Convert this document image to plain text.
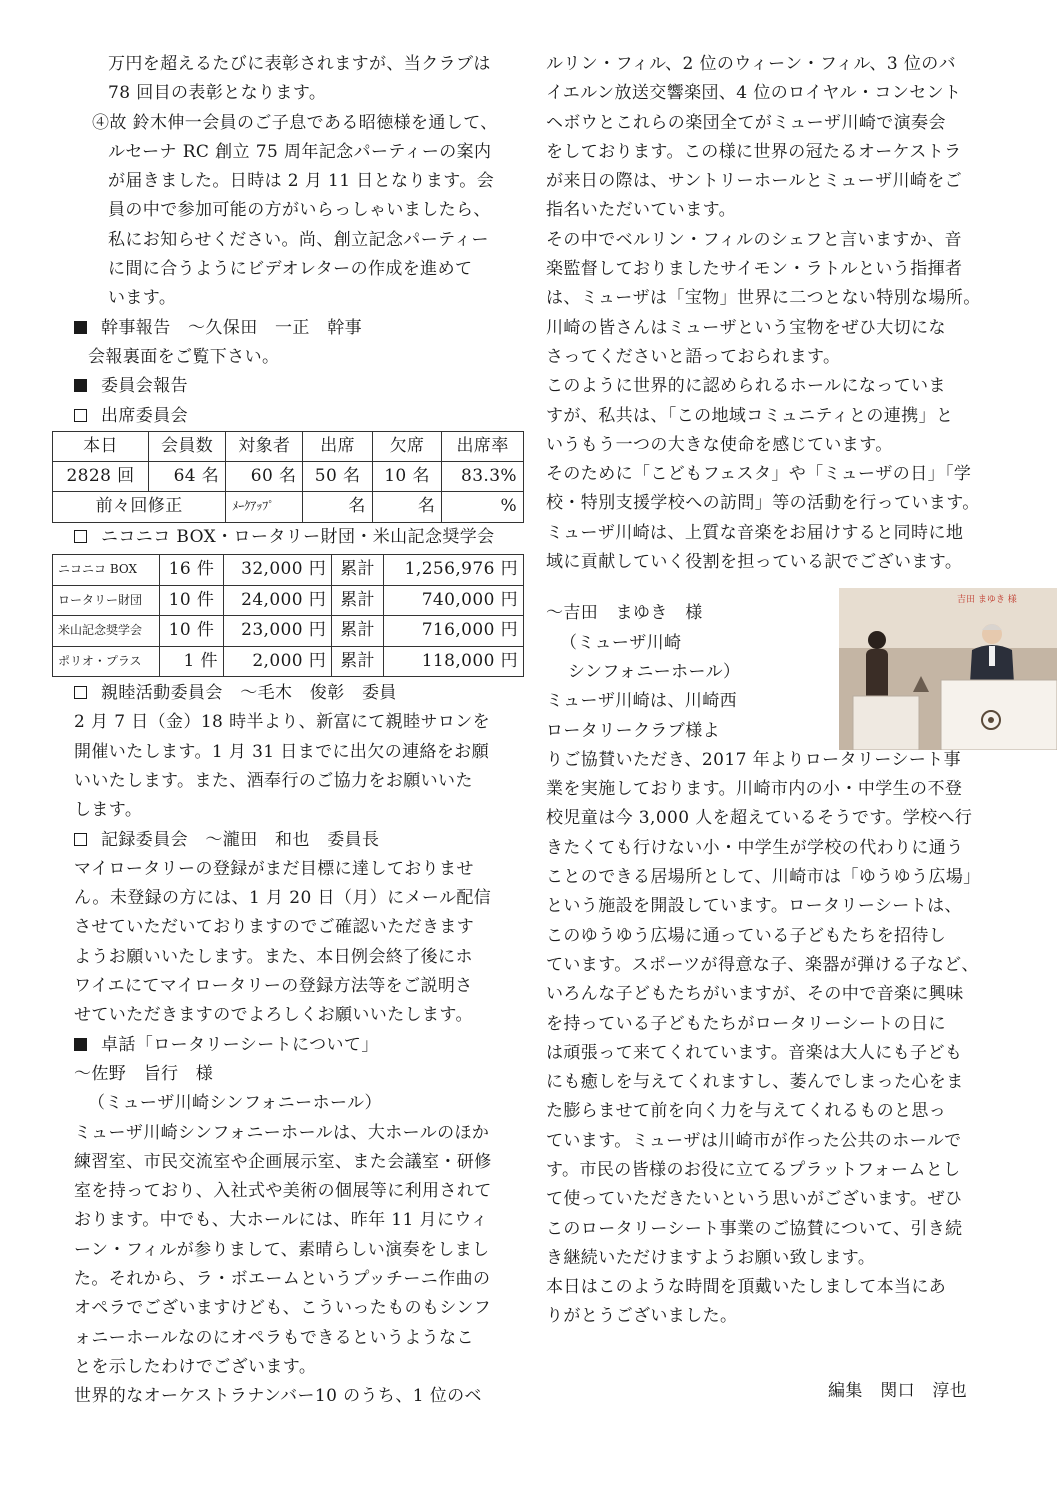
万円を超えるたびに表彰されますが、当クラブは
78 回目の表彰となります。
④故 鈴木伸一会員のご子息である昭徳様を通して、
ルセーナ RC 創立 75 周年記念パーティーの案内
が届きました。日時は 2 月 11 日となります。会
員の中で参加可能の方がいらっしゃいましたら、
私にお知らせください。尚、創立記念パーティー
に間に合うようにビデオレターの作成を進めて
います。
幹事報告　～久保田　一正　幹事
会報裏面をご覧下さい。
委員会報告
出席委員会
本日	会員数	対象者	出席	欠席	出席率
2828 回	64 名	60 名	50 名	10 名	83.3%
前々回修正		ﾒｰｸｱｯﾌﾟ	名	名	%
ニコニコ BOX・ロータリー財団・米山記念奨学会
ニコニコ BOX	16 件	32,000 円	累計	1,256,976 円
ロータリー財団	10 件	24,000 円	累計	740,000 円
米山記念奨学会	10 件	23,000 円	累計	716,000 円
ポリオ・プラス	1 件	2,000 円	累計	118,000 円
親睦活動委員会　～毛木　俊彰　委員
2 月 7 日（金）18 時半より、新富にて親睦サロンを
開催いたします。1 月 31 日までに出欠の連絡をお願
いいたします。また、酒奉行のご協力をお願いいた
します。
記録委員会　～瀧田　和也　委員長
マイロータリーの登録がまだ目標に達しておりませ
ん。未登録の方には、1 月 20 日（月）にメール配信
させていただいておりますのでご確認いただきます
ようお願いいたします。また、本日例会終了後にホ
ワイエにてマイロータリーの登録方法等をご説明さ
せていただきますのでよろしくお願いいたします。
卓話「ロータリーシートについて」
～佐野　旨行　様
（ミューザ川崎シンフォニーホール）
ミューザ川崎シンフォニーホールは、大ホールのほか
練習室、市民交流室や企画展示室、また会議室・研修
室を持っており、入社式や美術の個展等に利用されて
おります。中でも、大ホールには、昨年 11 月にウィ
ーン・フィルが参りまして、素晴らしい演奏をしまし
た。それから、ラ・ボエームというプッチーニ作曲の
オペラでございますけども、こういったものもシンフ
ォニーホールなのにオペラもできるというようなこ
とを示したわけでございます。
世界的なオーケストラナンバー10 のうち、1 位のベ
ルリン・フィル、2 位のウィーン・フィル、3 位のバ
イエルン放送交響楽団、4 位のロイヤル・コンセント
ヘボウとこれらの楽団全てがミューザ川崎で演奏会
をしております。この様に世界の冠たるオーケストラ
が来日の際は、サントリーホールとミューザ川崎をご
指名いただいています。
その中でベルリン・フィルのシェフと言いますか、音
楽監督しておりましたサイモン・ラトルという指揮者
は、ミューザは「宝物」世界に二つとない特別な場所。
川崎の皆さんはミューザという宝物をぜひ大切にな
さってくださいと語っておられます。
このように世界的に認められるホールになっていま
すが、私共は、「この地域コミュニティとの連携」と
いうもう一つの大きな使命を感じています。
そのために「こどもフェスタ」や「ミューザの日」「学
校・特別支援学校への訪問」等の活動を行っています。
ミューザ川崎は、上質な音楽をお届けすると同時に地
域に貢献していく役割を担っている訳でございます。
～吉田　まゆき　様
（ミューザ川崎
シンフォニーホール）
ミューザ川崎は、川崎西
ロータリークラブ様よ
りご協賛いただき、2017 年よりロータリーシート事
業を実施しております。川崎市内の小・中学生の不登
校児童は今 3,000 人を超えているそうです。学校へ行
きたくても行けない小・中学生が学校の代わりに通う
ことのできる居場所として、川崎市は「ゆうゆう広場」
という施設を開設しています。ロータリーシートは、
このゆうゆう広場に通っている子どもたちを招待し
ています。スポーツが得意な子、楽器が弾ける子など、
いろんな子どもたちがいますが、その中で音楽に興味
を持っている子どもたちがロータリーシートの日に
は頑張って来てくれています。音楽は大人にも子ども
にも癒しを与えてくれますし、萎んでしまった心をま
た膨らませて前を向く力を与えてくれるものと思っ
ています。ミューザは川崎市が作った公共のホールで
す。市民の皆様のお役に立てるプラットフォームとし
て使っていただきたいという思いがございます。ぜひ
このロータリーシート事業のご協賛について、引き続
き継続いただけますようお願い致します。
本日はこのような時間を頂戴いたしまして本当にあ
りがとうございました。
吉田 まゆき 様
編集　関口　淳也
